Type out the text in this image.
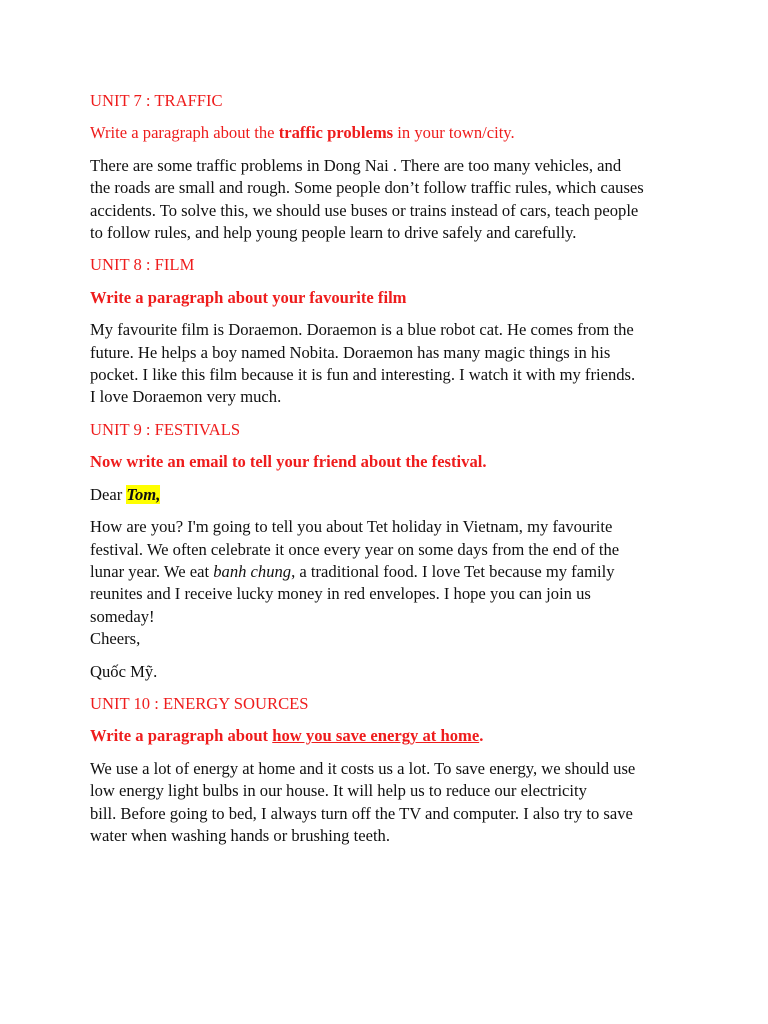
UNIT 7 : TRAFFIC
Write a paragraph about the traffic problems in your town/city.
There are some traffic problems in Dong Nai . There are too many vehicles, and
the roads are small and rough. Some people don’t follow traffic rules, which causes
accidents. To solve this, we should use buses or trains instead of cars, teach people
to follow rules, and help young people learn to drive safely and carefully.
UNIT 8 : FILM
Write a paragraph about your favourite film
My favourite film is Doraemon. Doraemon is a blue robot cat. He comes from the
future. He helps a boy named Nobita. Doraemon has many magic things in his
pocket. I like this film because it is fun and interesting. I watch it with my friends.
I love Doraemon very much.
UNIT 9 : FESTIVALS
Now write an email to tell your friend about the festival.
Dear Tom,
How are you? I'm going to tell you about Tet holiday in Vietnam, my favourite
festival. We often celebrate it once every year on some days from the end of the
lunar year. We eat banh chung, a traditional food. I love Tet because my family
reunites and I receive lucky money in red envelopes. I hope you can join us
someday!
Cheers,
Quốc Mỹ.
UNIT 10 : ENERGY SOURCES
Write a paragraph about how you save energy at home.
We use a lot of energy at home and it costs us a lot. To save energy, we should use
low energy light bulbs in our house. It will help us to reduce our electricity
bill. Before going to bed, I always turn off the TV and computer. I also try to save
water when washing hands or brushing teeth.
